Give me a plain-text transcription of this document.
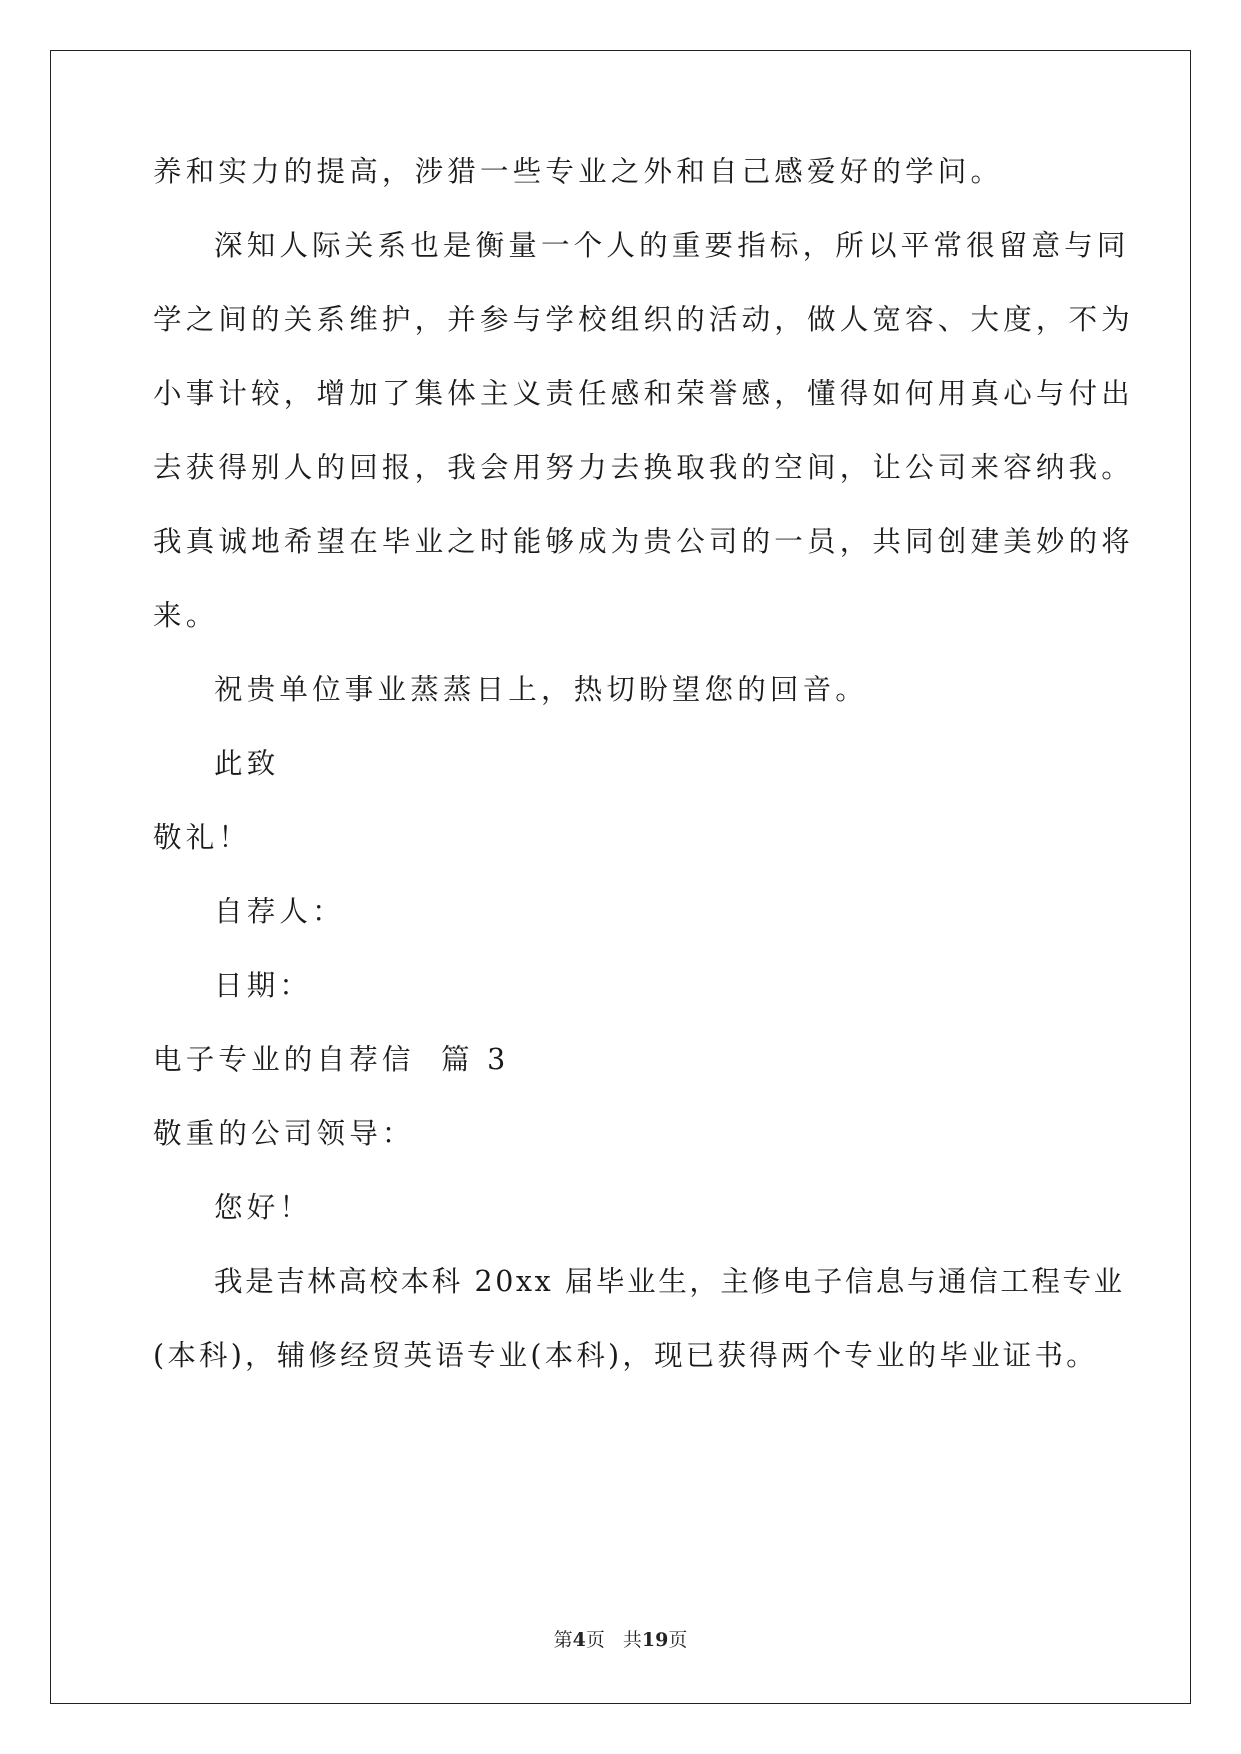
养和实力的提高，涉猎一些专业之外和自己感爱好的学问。
深知人际关系也是衡量一个人的重要指标，所以平常很留意与同
学之间的关系维护，并参与学校组织的活动，做人宽容、大度，不为
小事计较，增加了集体主义责任感和荣誉感，懂得如何用真心与付出
去获得别人的回报，我会用努力去换取我的空间，让公司来容纳我。
我真诚地希望在毕业之时能够成为贵公司的一员，共同创建美妙的将
来。
祝贵单位事业蒸蒸日上，热切盼望您的回音。
此致
敬礼！
自荐人：
日期：
电子专业的自荐信  篇 3
敬重的公司领导：
您好！
我是吉林高校本科 20xx 届毕业生，主修电子信息与通信工程专业
(本科)，辅修经贸英语专业(本科)，现已获得两个专业的毕业证书。
第4页 共19页
